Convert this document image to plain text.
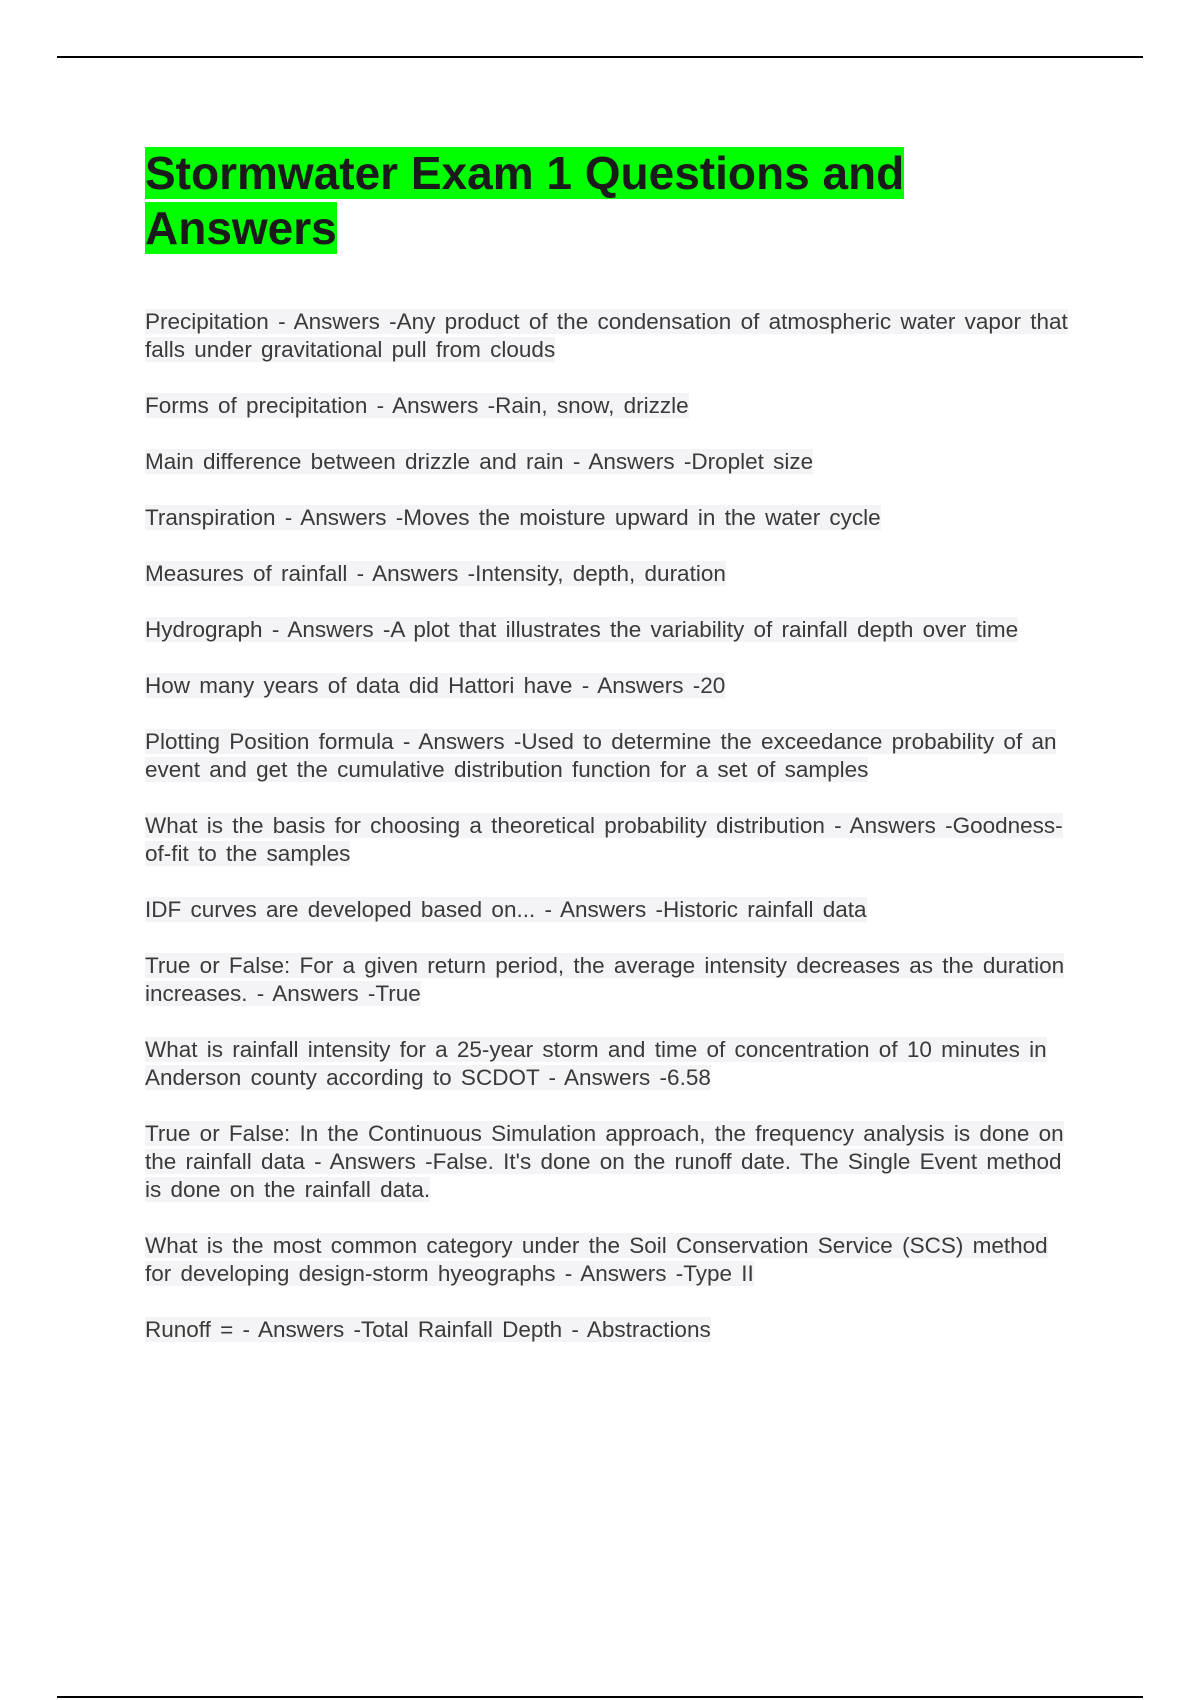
Stormwater Exam 1 Questions and Answers
Precipitation - Answers -Any product of the condensation of atmospheric water vapor that falls under gravitational pull from clouds
Forms of precipitation - Answers -Rain, snow, drizzle
Main difference between drizzle and rain - Answers -Droplet size
Transpiration - Answers -Moves the moisture upward in the water cycle
Measures of rainfall - Answers -Intensity, depth, duration
Hydrograph - Answers -A plot that illustrates the variability of rainfall depth over time
How many years of data did Hattori have - Answers -20
Plotting Position formula - Answers -Used to determine the exceedance probability of an event and get the cumulative distribution function for a set of samples
What is the basis for choosing a theoretical probability distribution - Answers -Goodness-of-fit to the samples
IDF curves are developed based on... - Answers -Historic rainfall data
True or False: For a given return period, the average intensity decreases as the duration increases. - Answers -True
What is rainfall intensity for a 25-year storm and time of concentration of 10 minutes in Anderson county according to SCDOT - Answers -6.58
True or False: In the Continuous Simulation approach, the frequency analysis is done on the rainfall data - Answers -False. It's done on the runoff date. The Single Event method is done on the rainfall data.
What is the most common category under the Soil Conservation Service (SCS) method for developing design-storm hyeographs - Answers -Type II
Runoff = - Answers -Total Rainfall Depth - Abstractions
